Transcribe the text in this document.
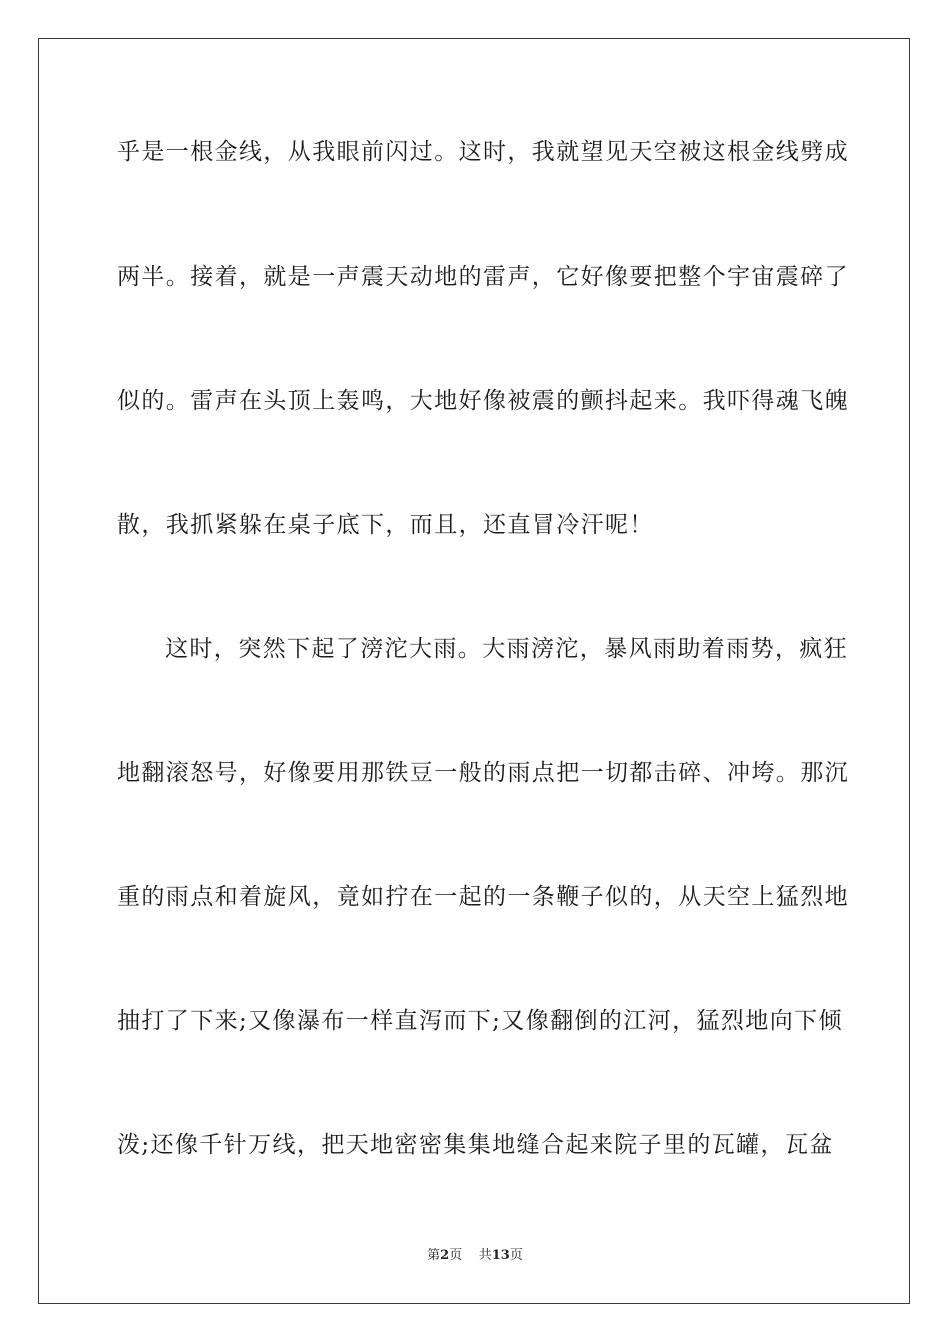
乎是一根金线，从我眼前闪过。这时，我就望见天空被这根金线劈成
两半。接着，就是一声震天动地的雷声，它好像要把整个宇宙震碎了
似的。雷声在头顶上轰鸣，大地好像被震的颤抖起来。我吓得魂飞魄
散，我抓紧躲在桌子底下，而且，还直冒冷汗呢！
这时，突然下起了滂沱大雨。大雨滂沱，暴风雨助着雨势，疯狂
地翻滚怒号，好像要用那铁豆一般的雨点把一切都击碎、冲垮。那沉
重的雨点和着旋风，竟如拧在一起的一条鞭子似的，从天空上猛烈地
抽打了下来;又像瀑布一样直泻而下;又像翻倒的江河，猛烈地向下倾
泼;还像千针万线，把天地密密集集地缝合起来院子里的瓦罐，瓦盆
第2页 共13页
